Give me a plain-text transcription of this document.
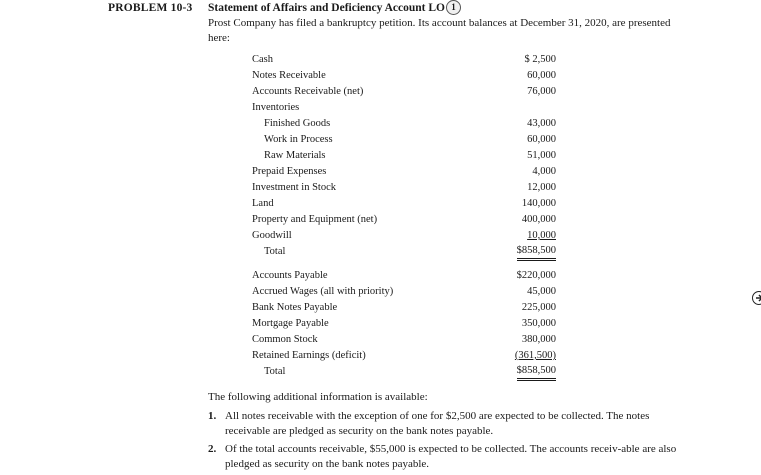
PROBLEM 10-3 Statement of Affairs and Deficiency Account LO 1
Prost Company has filed a bankruptcy petition. Its account balances at December 31, 2020, are presented here:
Cash	$ 2,500
Notes Receivable	60,000
Accounts Receivable (net)	76,000
Inventories
Finished Goods	43,000
Work in Process	60,000
Raw Materials	51,000
Prepaid Expenses	4,000
Investment in Stock	12,000
Land	140,000
Property and Equipment (net)	400,000
Goodwill	10,000
Total	$858,500
Accounts Payable	$220,000
Accrued Wages (all with priority)	45,000
Bank Notes Payable	225,000
Mortgage Payable	350,000
Common Stock	380,000
Retained Earnings (deficit)	(361,500)
Total	$858,500
The following additional information is available:
1. All notes receivable with the exception of one for $2,500 are expected to be collected. The notes receivable are pledged as security on the bank notes payable.
2. Of the total accounts receivable, $55,000 is expected to be collected. The accounts receiv-able are also pledged as security on the bank notes payable.
